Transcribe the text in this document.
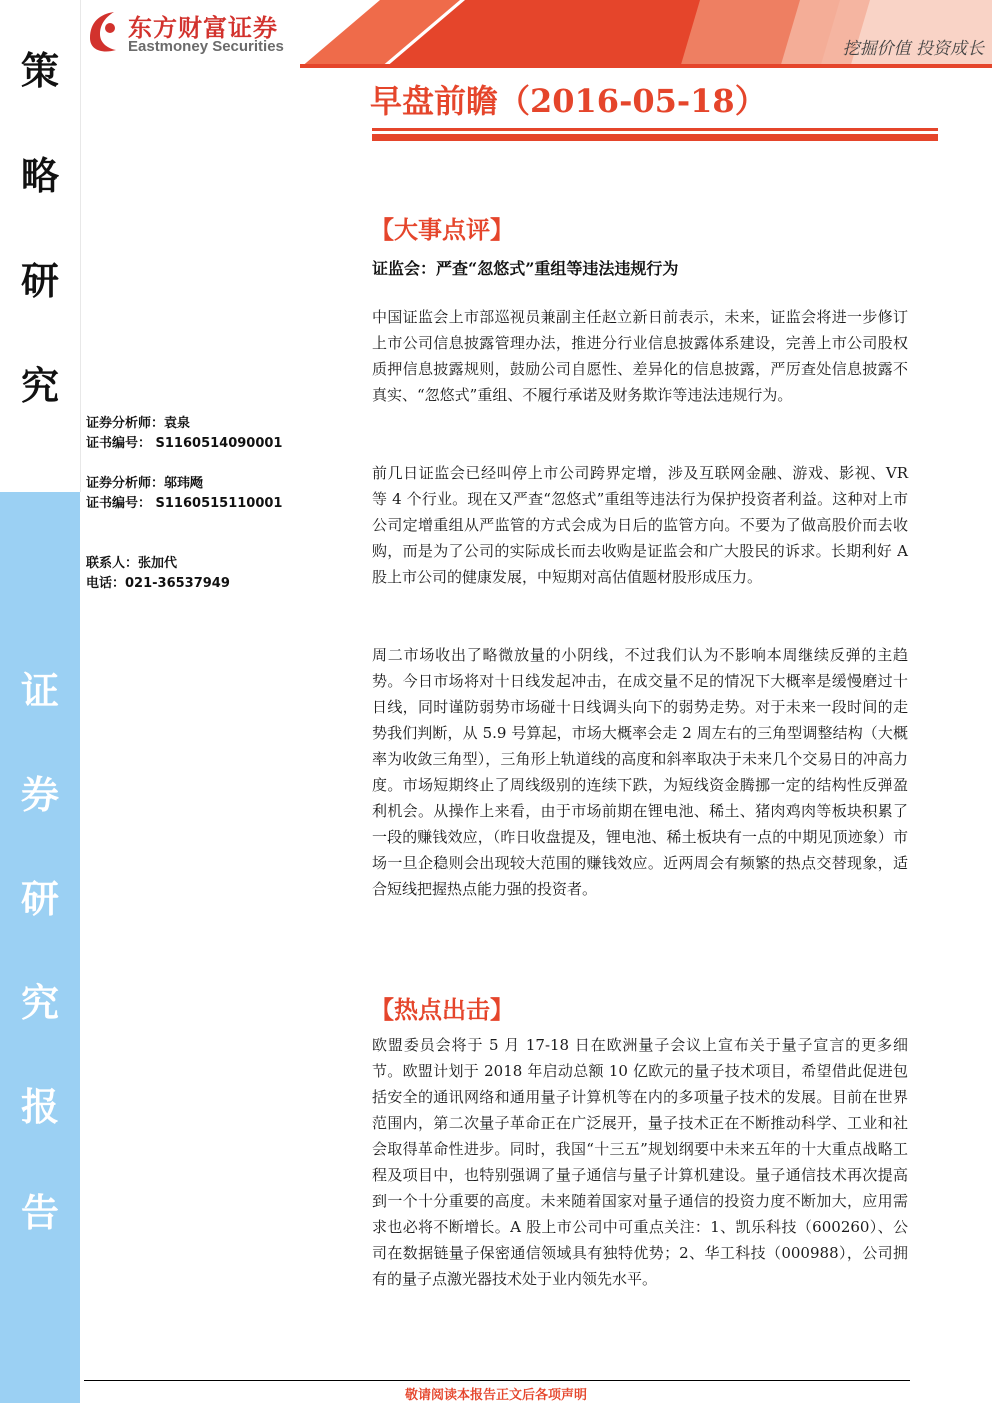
策
略
研
究
证
券
研
究
报
告
东方财富证券
Eastmoney Securities	挖掘价值 投资成长
早盘前瞻（2016-05-18）
证券分析师：袁泉
证书编号： S1160514090001
证券分析师：邬玮飏
证书编号： S1160515110001
联系人：张加代
电话：021-36537949
【大事点评】
证监会：严查“忽悠式”重组等违法违规行为

中国证监会上市部巡视员兼副主任赵立新日前表示，未来，证监会将进一步修订上市公司信息披露管理办法，推进分行业信息披露体系建设，完善上市公司股权质押信息披露规则，鼓励公司自愿性、差异化的信息披露，严厉查处信息披露不真实、“忽悠式”重组、不履行承诺及财务欺诈等违法违规行为。

前几日证监会已经叫停上市公司跨界定增，涉及互联网金融、游戏、影视、VR 等 4 个行业。现在又严查“忽悠式”重组等违法行为保护投资者利益。这种对上市公司定增重组从严监管的方式会成为日后的监管方向。不要为了做高股价而去收购，而是为了公司的实际成长而去收购是证监会和广大股民的诉求。长期利好 A 股上市公司的健康发展，中短期对高估值题材股形成压力。

周二市场收出了略微放量的小阴线，不过我们认为不影响本周继续反弹的主趋势。今日市场将对十日线发起冲击，在成交量不足的情况下大概率是缓慢磨过十日线，同时谨防弱势市场碰十日线调头向下的弱势走势。对于未来一段时间的走势我们判断，从 5.9 号算起，市场大概率会走 2 周左右的三角型调整结构（大概率为收敛三角型），三角形上轨道线的高度和斜率取决于未来几个交易日的冲高力度。市场短期终止了周线级别的连续下跌，为短线资金腾挪一定的结构性反弹盈利机会。从操作上来看，由于市场前期在锂电池、稀土、猪肉鸡肉等板块积累了一段的赚钱效应，（昨日收盘提及，锂电池、稀土板块有一点的中期见顶迹象）市场一旦企稳则会出现较大范围的赚钱效应。近两周会有频繁的热点交替现象，适合短线把握热点能力强的投资者。

【热点出击】

欧盟委员会将于 5 月 17-18 日在欧洲量子会议上宣布关于量子宣言的更多细节。欧盟计划于 2018 年启动总额 10 亿欧元的量子技术项目，希望借此促进包括安全的通讯网络和通用量子计算机等在内的多项量子技术的发展。目前在世界范围内，第二次量子革命正在广泛展开，量子技术正在不断推动科学、工业和社会取得革命性进步。同时，我国“十三五”规划纲要中未来五年的十大重点战略工程及项目中，也特别强调了量子通信与量子计算机建设。量子通信技术再次提高到一个十分重要的高度。未来随着国家对量子通信的投资力度不断加大，应用需求也必将不断增长。A 股上市公司中可重点关注：1、凯乐科技（600260）、公司在数据链量子保密通信领域具有独特优势；2、华工科技（000988），公司拥有的量子点激光器技术处于业内领先水平。

敬请阅读本报告正文后各项声明
